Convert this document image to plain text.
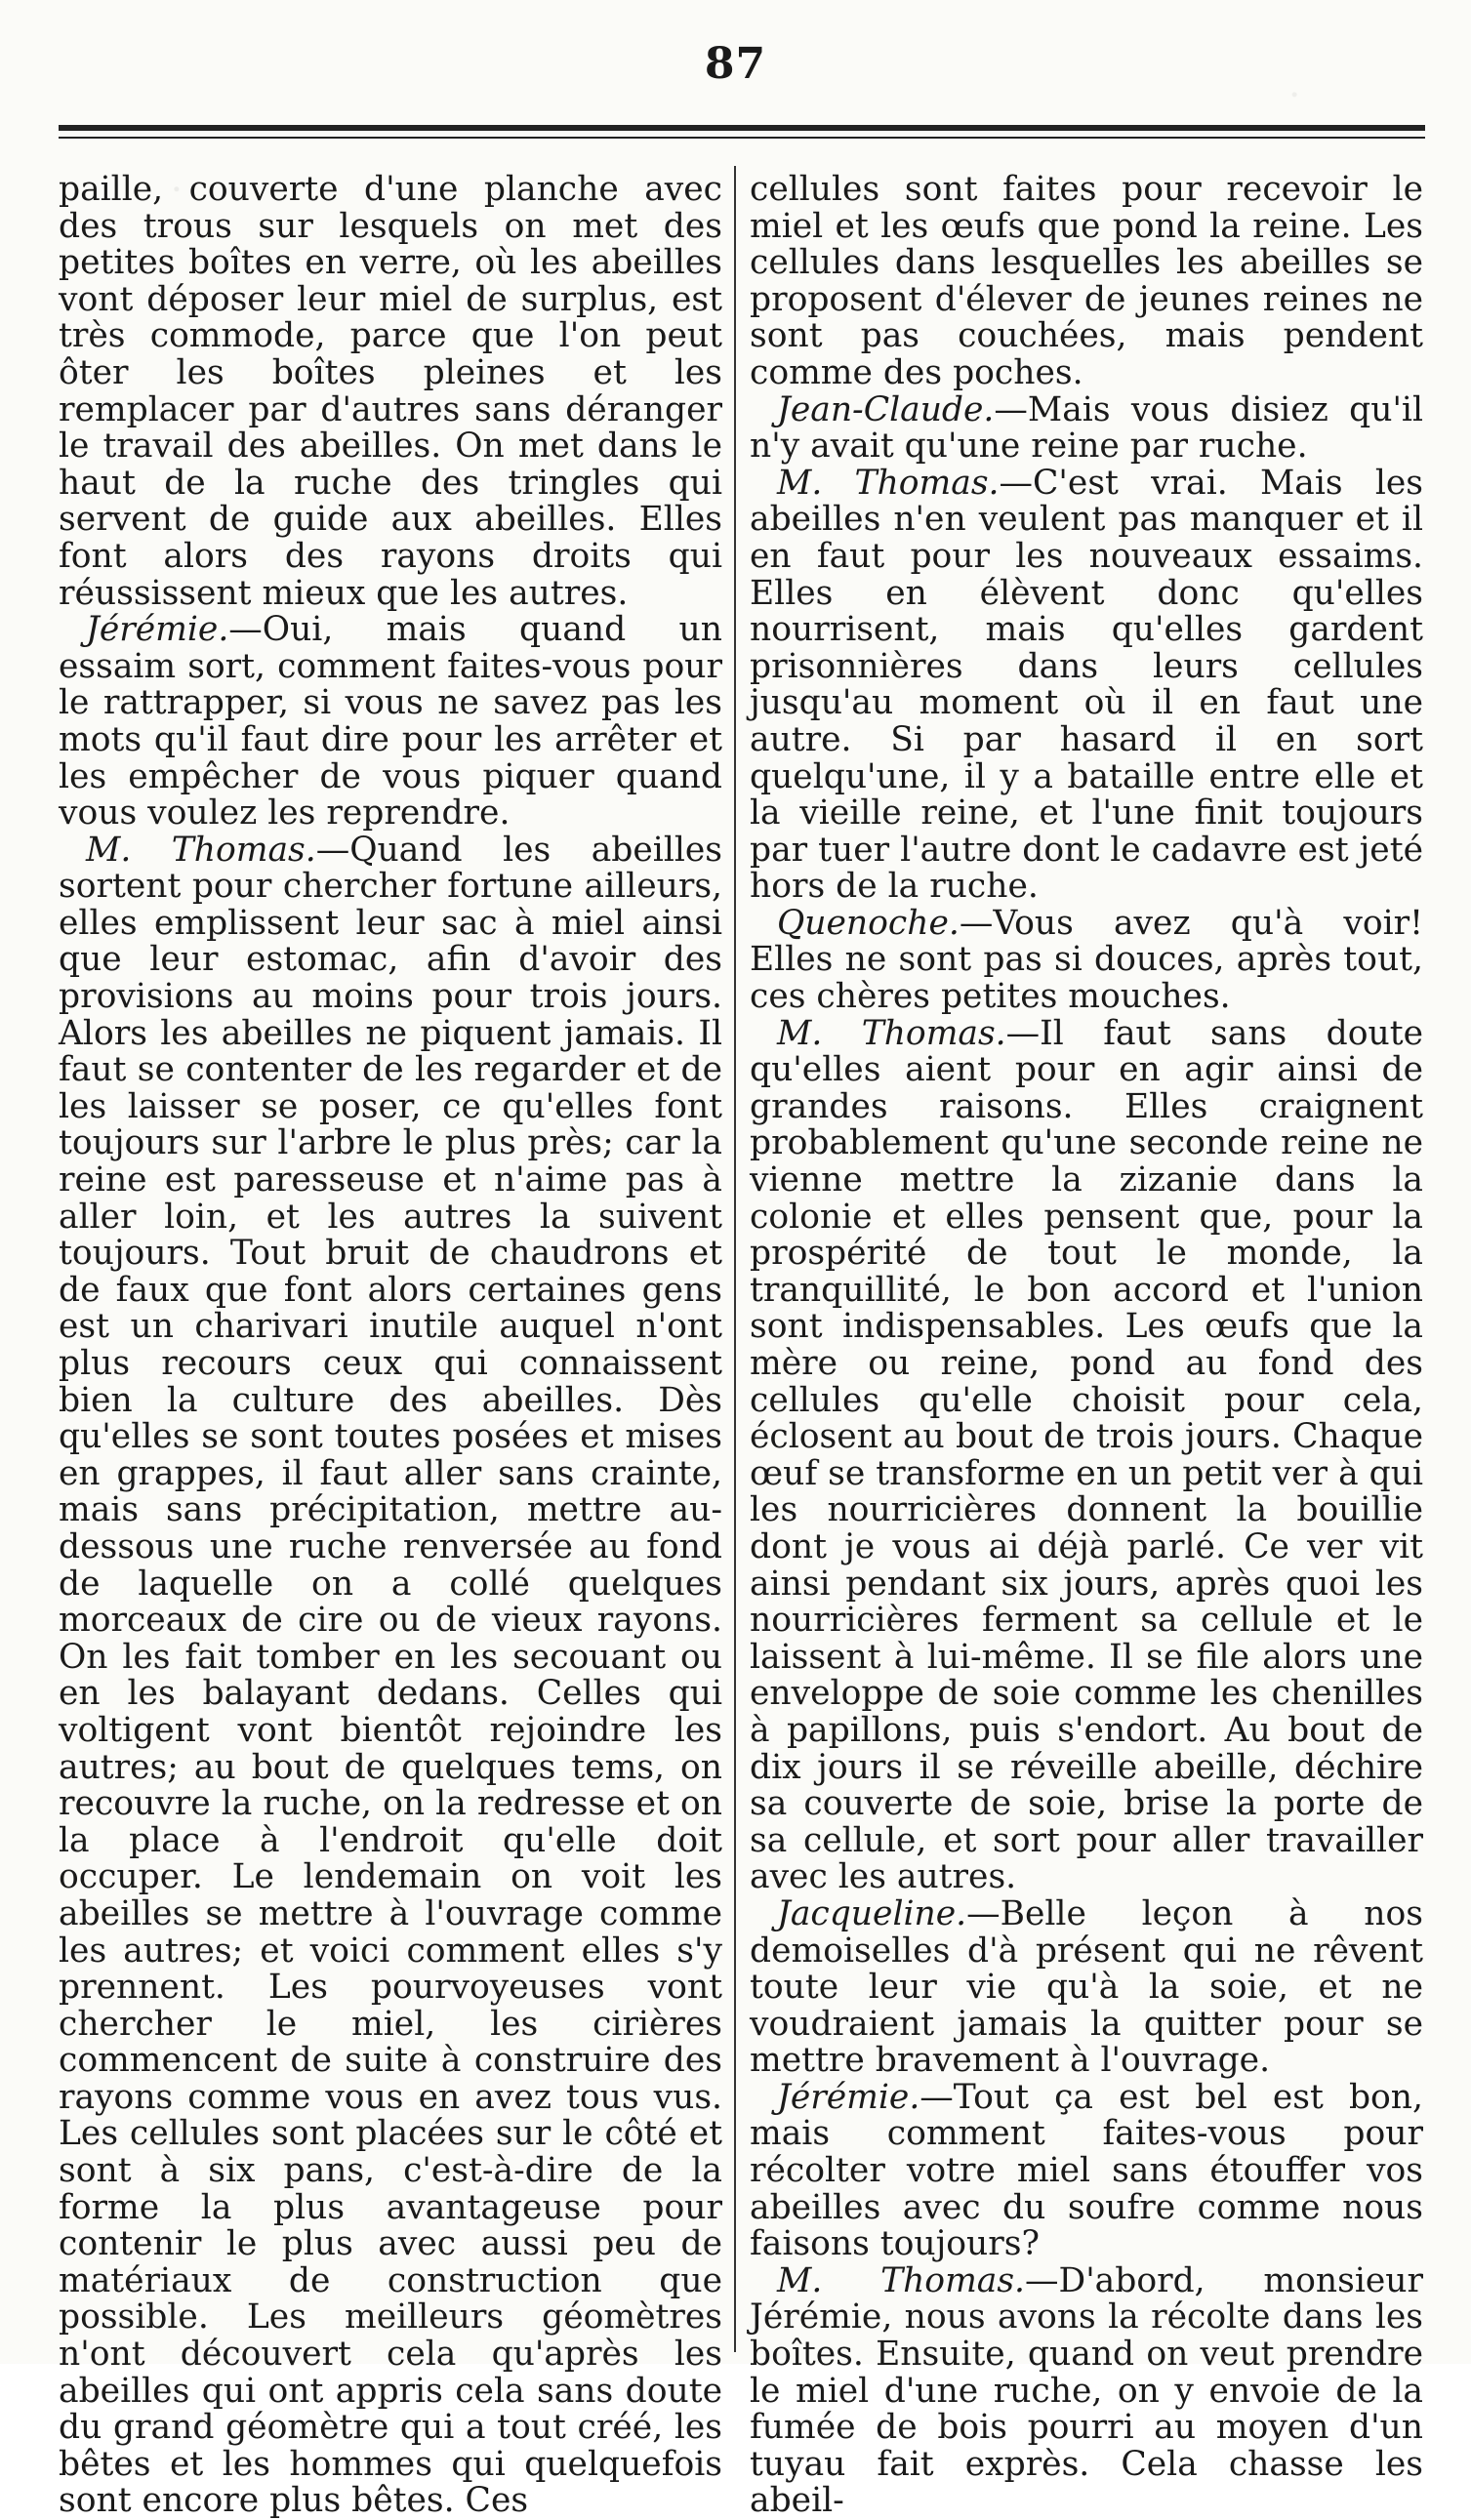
87

paille, couverte d'une planche avec des trous sur lesquels on met des petites boîtes en verre, où les abeilles vont déposer leur miel de surplus, est très commode, parce que l'on peut ôter les boîtes pleines et les remplacer par d'autres sans déranger le travail des abeilles. On met dans le haut de la ruche des tringles qui servent de guide aux abeilles. Elles font alors des rayons droits qui réussissent mieux que les autres.

Jérémie.—Oui, mais quand un essaim sort, comment faites-vous pour le rattrapper, si vous ne savez pas les mots qu'il faut dire pour les arrêter et les empêcher de vous piquer quand vous voulez les reprendre.

M. Thomas.—Quand les abeilles sortent pour chercher fortune ailleurs, elles emplissent leur sac à miel ainsi que leur estomac, afin d'avoir des provisions au moins pour trois jours. Alors les abeilles ne piquent jamais. Il faut se contenter de les regarder et de les laisser se poser, ce qu'elles font toujours sur l'arbre le plus près; car la reine est paresseuse et n'aime pas à aller loin, et les autres la suivent toujours. Tout bruit de chaudrons et de faux que font alors certaines gens est un charivari inutile auquel n'ont plus recours ceux qui connaissent bien la culture des abeilles. Dès qu'elles se sont toutes posées et mises en grappes, il faut aller sans crainte, mais sans précipitation, mettre au-dessous une ruche renversée au fond de laquelle on a collé quelques morceaux de cire ou de vieux rayons. On les fait tomber en les secouant ou en les balayant dedans. Celles qui voltigent vont bientôt rejoindre les autres; au bout de quelques tems, on recouvre la ruche, on la redresse et on la place à l'endroit qu'elle doit occuper. Le lendemain on voit les abeilles se mettre à l'ouvrage comme les autres; et voici comment elles s'y prennent. Les pourvoyeuses vont chercher le miel, les cirières commencent de suite à construire des rayons comme vous en avez tous vus. Les cellules sont placées sur le côté et sont à six pans, c'est-à-dire de la forme la plus avantageuse pour contenir le plus avec aussi peu de matériaux de construction que possible. Les meilleurs géomètres n'ont découvert cela qu'après les abeilles qui ont appris cela sans doute du grand géomètre qui a tout créé, les bêtes et les hommes qui quelquefois sont encore plus bêtes. Ces

cellules sont faites pour recevoir le miel et les œufs que pond la reine. Les cellules dans lesquelles les abeilles se proposent d'élever de jeunes reines ne sont pas couchées, mais pendent comme des poches.

Jean-Claude.—Mais vous disiez qu'il n'y avait qu'une reine par ruche.

M. Thomas.—C'est vrai. Mais les abeilles n'en veulent pas manquer et il en faut pour les nouveaux essaims. Elles en élèvent donc qu'elles nourrisent, mais qu'elles gardent prisonnières dans leurs cellules jusqu'au moment où il en faut une autre. Si par hasard il en sort quelqu'une, il y a bataille entre elle et la vieille reine, et l'une finit toujours par tuer l'autre dont le cadavre est jeté hors de la ruche.

Quenoche.—Vous avez qu'à voir! Elles ne sont pas si douces, après tout, ces chères petites mouches.

M. Thomas.—Il faut sans doute qu'elles aient pour en agir ainsi de grandes raisons. Elles craignent probablement qu'une seconde reine ne vienne mettre la zizanie dans la colonie et elles pensent que, pour la prospérité de tout le monde, la tranquillité, le bon accord et l'union sont indispensables. Les œufs que la mère ou reine, pond au fond des cellules qu'elle choisit pour cela, éclosent au bout de trois jours. Chaque œuf se transforme en un petit ver à qui les nourricières donnent la bouillie dont je vous ai déjà parlé. Ce ver vit ainsi pendant six jours, après quoi les nourricières ferment sa cellule et le laissent à lui-même. Il se file alors une enveloppe de soie comme les chenilles à papillons, puis s'endort. Au bout de dix jours il se réveille abeille, déchire sa couverte de soie, brise la porte de sa cellule, et sort pour aller travailler avec les autres.

Jacqueline.—Belle leçon à nos demoiselles d'à présent qui ne rêvent toute leur vie qu'à la soie, et ne voudraient jamais la quitter pour se mettre bravement à l'ouvrage.

Jérémie.—Tout ça est bel est bon, mais comment faites-vous pour récolter votre miel sans étouffer vos abeilles avec du soufre comme nous faisons toujours?

M. Thomas.—D'abord, monsieur Jérémie, nous avons la récolte dans les boîtes. Ensuite, quand on veut prendre le miel d'une ruche, on y envoie de la fumée de bois pourri au moyen d'un tuyau fait exprès. Cela chasse les abeil-
